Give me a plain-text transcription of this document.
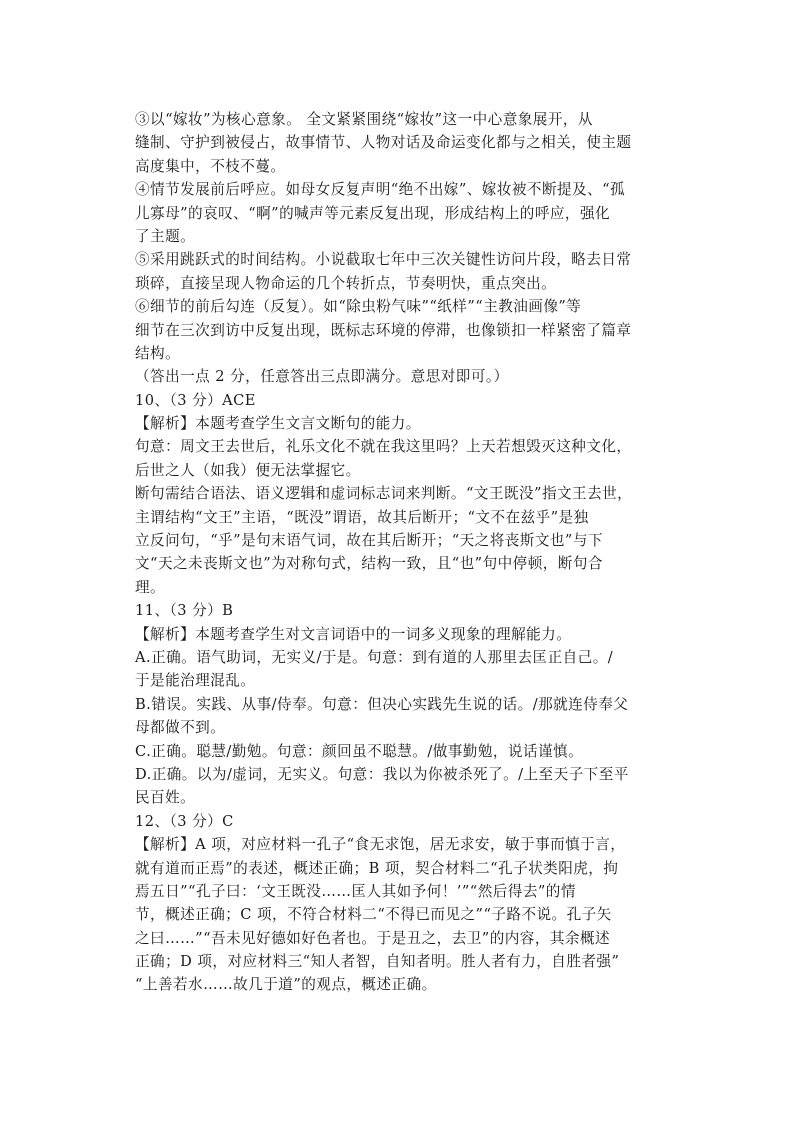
③以“嫁妆”为核心意象。 全文紧紧围绕“嫁妆”这一中心意象展开，从
缝制、守护到被侵占，故事情节、人物对话及命运变化都与之相关，使主题
高度集中，不枝不蔓。
④情节发展前后呼应。如母女反复声明“绝不出嫁”、嫁妆被不断提及、“孤
儿寡母”的哀叹、“啊”的喊声等元素反复出现，形成结构上的呼应，强化
了主题。
⑤采用跳跃式的时间结构。小说截取七年中三次关键性访问片段，略去日常
琐碎，直接呈现人物命运的几个转折点，节奏明快，重点突出。
⑥细节的前后勾连（反复）。如“除虫粉气味”“纸样”“主教油画像”等
细节在三次到访中反复出现，既标志环境的停滞，也像锁扣一样紧密了篇章
结构。
（答出一点 2 分，任意答出三点即满分。意思对即可。）
10、（3 分）ACE
【解析】本题考查学生文言文断句的能力。
句意：周文王去世后，礼乐文化不就在我这里吗？上天若想毁灭这种文化，
后世之人（如我）便无法掌握它。
断句需结合语法、语义逻辑和虚词标志词来判断。“文王既没”指文王去世，
主谓结构“文王”主语，“既没”谓语，故其后断开；“文不在兹乎”是独
立反问句，“乎”是句末语气词，故在其后断开；“天之将丧斯文也”与下
文“天之未丧斯文也”为对称句式，结构一致，且“也”句中停顿，断句合
理。
11、（3 分）B
【解析】本题考查学生对文言词语中的一词多义现象的理解能力。
A.正确。语气助词，无实义/于是。句意：到有道的人那里去匡正自己。/
于是能治理混乱。
B.错误。实践、从事/侍奉。句意：但决心实践先生说的话。/那就连侍奉父
母都做不到。
C.正确。聪慧/勤勉。句意：颜回虽不聪慧。/做事勤勉，说话谨慎。
D.正确。以为/虚词，无实义。句意：我以为你被杀死了。/上至天子下至平
民百姓。
12、（3 分）C
【解析】A 项，对应材料一孔子“食无求饱，居无求安，敏于事而慎于言，
就有道而正焉”的表述，概述正确；B 项，契合材料二“孔子状类阳虎，拘
焉五日”“孔子曰：‘文王既没……匡人其如予何！’”“然后得去”的情
节，概述正确；C 项，不符合材料二“不得已而见之”“子路不说。孔子矢
之曰……”“吾未见好德如好色者也。于是丑之，去卫”的内容，其余概述
正确；D 项，对应材料三“知人者智，自知者明。胜人者有力，自胜者强”
“上善若水……故几于道”的观点，概述正确。
